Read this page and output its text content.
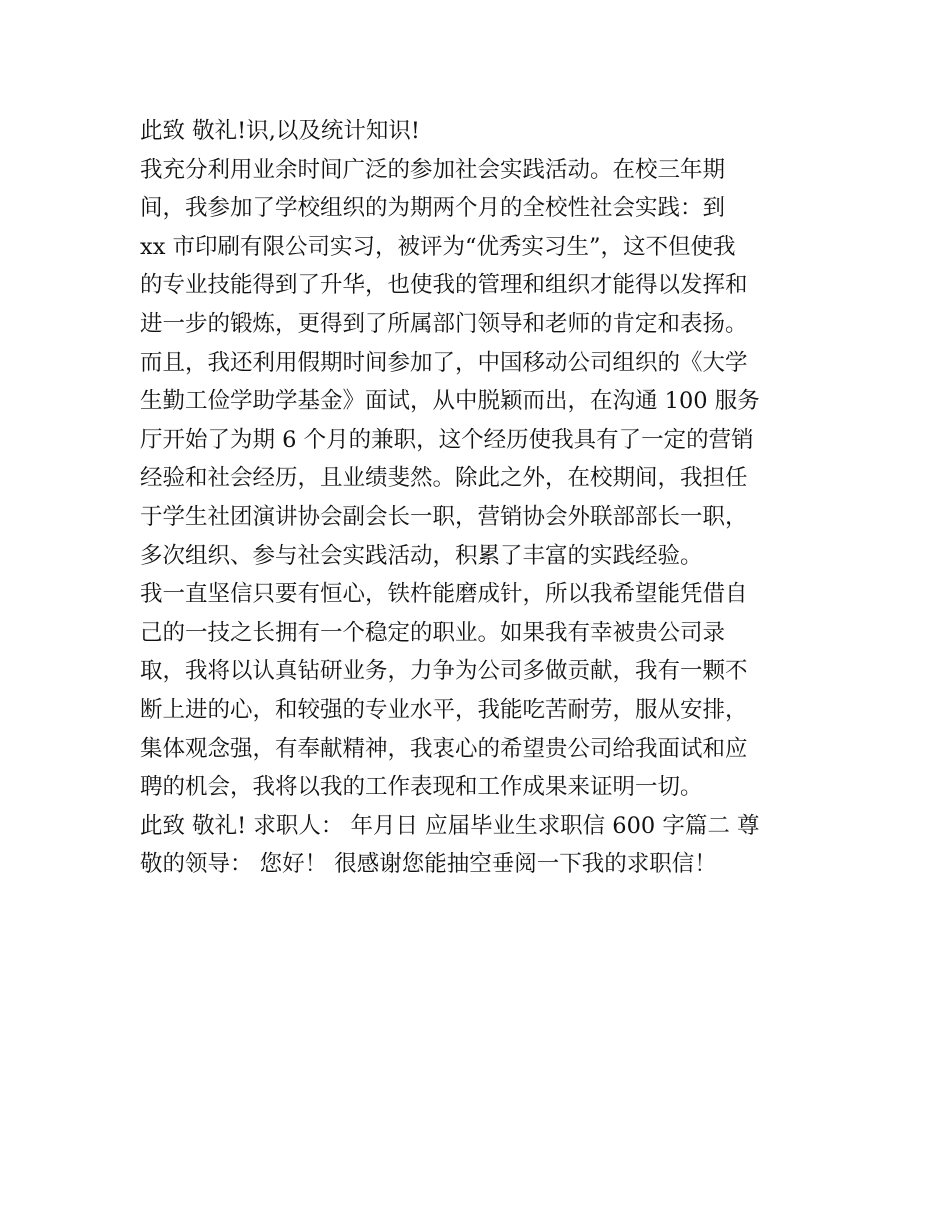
此致 敬礼!识,以及统计知识!
我充分利用业余时间广泛的参加社会实践活动。在校三年期
间，我参加了学校组织的为期两个月的全校性社会实践：到
xx 市印刷有限公司实习，被评为“优秀实习生”，这不但使我
的专业技能得到了升华，也使我的管理和组织才能得以发挥和
进一步的锻炼，更得到了所属部门领导和老师的肯定和表扬。
而且，我还利用假期时间参加了，中国移动公司组织的《大学
生勤工俭学助学基金》面试，从中脱颖而出，在沟通 100 服务
厅开始了为期 6 个月的兼职，这个经历使我具有了一定的营销
经验和社会经历，且业绩斐然。除此之外，在校期间，我担任
于学生社团演讲协会副会长一职，营销协会外联部部长一职，
多次组织、参与社会实践活动，积累了丰富的实践经验。
我一直坚信只要有恒心，铁杵能磨成针，所以我希望能凭借自
己的一技之长拥有一个稳定的职业。如果我有幸被贵公司录
取，我将以认真钻研业务，力争为公司多做贡献，我有一颗不
断上进的心，和较强的专业水平，我能吃苦耐劳，服从安排，
集体观念强，有奉献精神，我衷心的希望贵公司给我面试和应
聘的机会，我将以我的工作表现和工作成果来证明一切。
此致 敬礼! 求职人： 年月日 应届毕业生求职信 600 字篇二 尊
敬的领导： 您好！ 很感谢您能抽空垂阅一下我的求职信！
